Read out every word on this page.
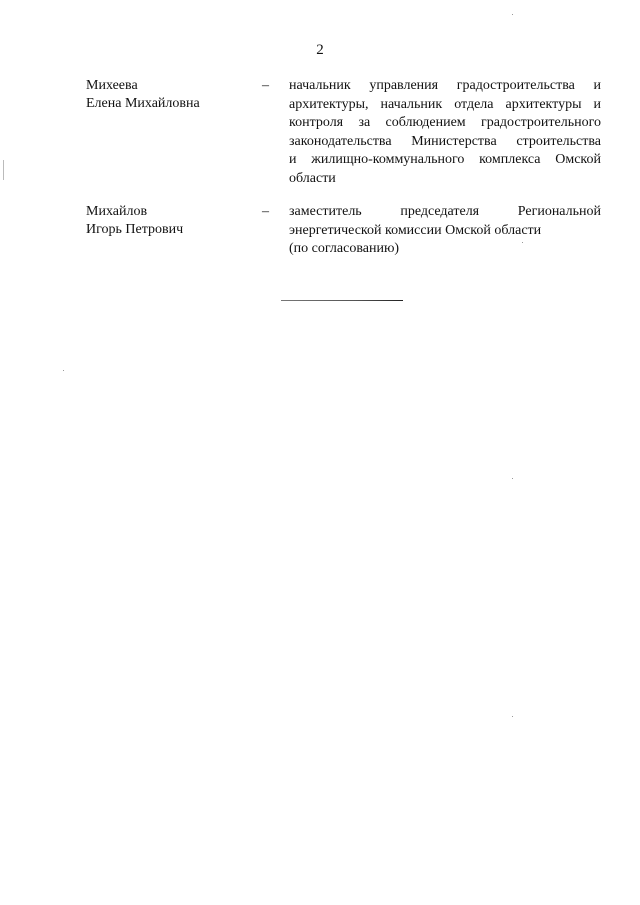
2
Михеева
Елена Михайловна
– начальник управления градостроительства и
архитектуры, начальник отдела архитектуры и
контроля за соблюдением градостроительного
законодательства Министерства строительства
и жилищно-коммунального комплекса Омской
области
Михайлов
Игорь Петрович
– заместитель председателя Региональной
энергетической комиссии Омской области
(по согласованию)
